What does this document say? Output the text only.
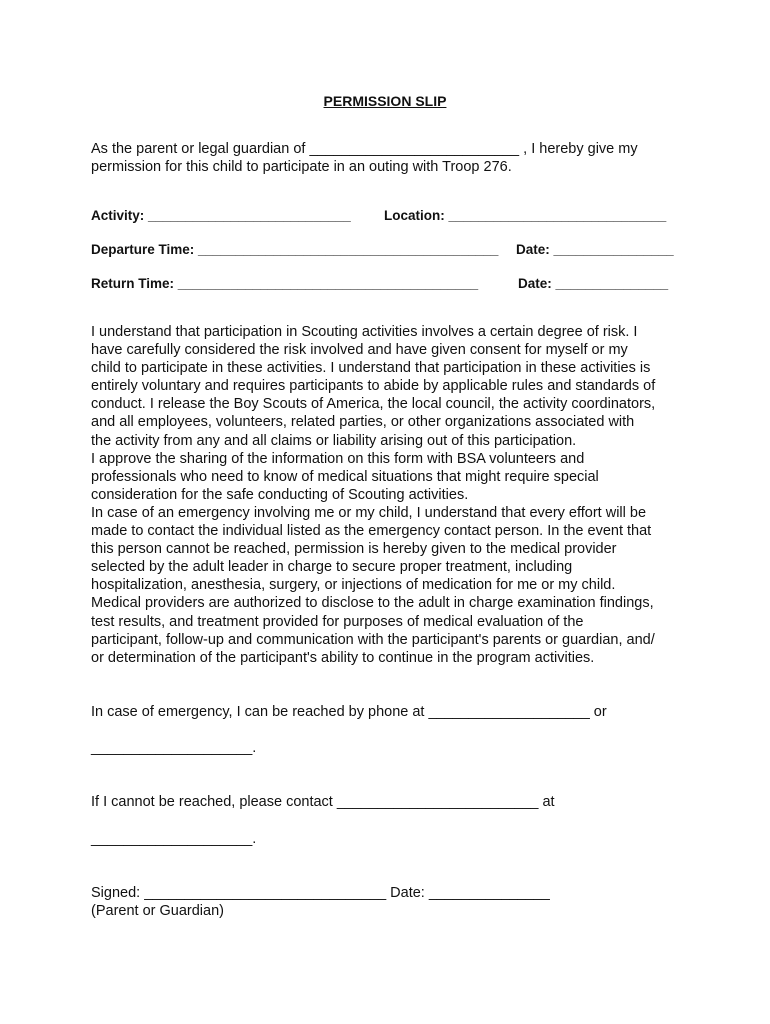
PERMISSION SLIP
As the parent or legal guardian of __________________________ , I hereby give my
permission for this child to participate in an outing with Troop 276.
Activity: ___________________________ Location: _____________________________
Departure Time: ________________________________________ Date: ________________
Return Time: ________________________________________	Date: _______________
I understand that participation in Scouting activities involves a certain degree of risk. I
have carefully considered the risk involved and have given consent for myself or my
child to participate in these activities. I understand that participation in these activities is
entirely voluntary and requires participants to abide by applicable rules and standards of
conduct. I release the Boy Scouts of America, the local council, the activity coordinators,
and all employees, volunteers, related parties, or other organizations associated with
the activity from any and all claims or liability arising out of this participation.
I approve the sharing of the information on this form with BSA volunteers and
professionals who need to know of medical situations that might require special
consideration for the safe conducting of Scouting activities.
In case of an emergency involving me or my child, I understand that every effort will be
made to contact the individual listed as the emergency contact person. In the event that
this person cannot be reached, permission is hereby given to the medical provider
selected by the adult leader in charge to secure proper treatment, including
hospitalization, anesthesia, surgery, or injections of medication for me or my child.
Medical providers are authorized to disclose to the adult in charge examination findings,
test results, and treatment provided for purposes of medical evaluation of the
participant, follow-up and communication with the participant's parents or guardian, and/
or determination of the participant's ability to continue in the program activities.
In case of emergency, I can be reached by phone at ____________________ or
____________________.
If I cannot be reached, please contact _________________________ at
____________________.
Signed: ______________________________ Date: _______________
(Parent or Guardian)
